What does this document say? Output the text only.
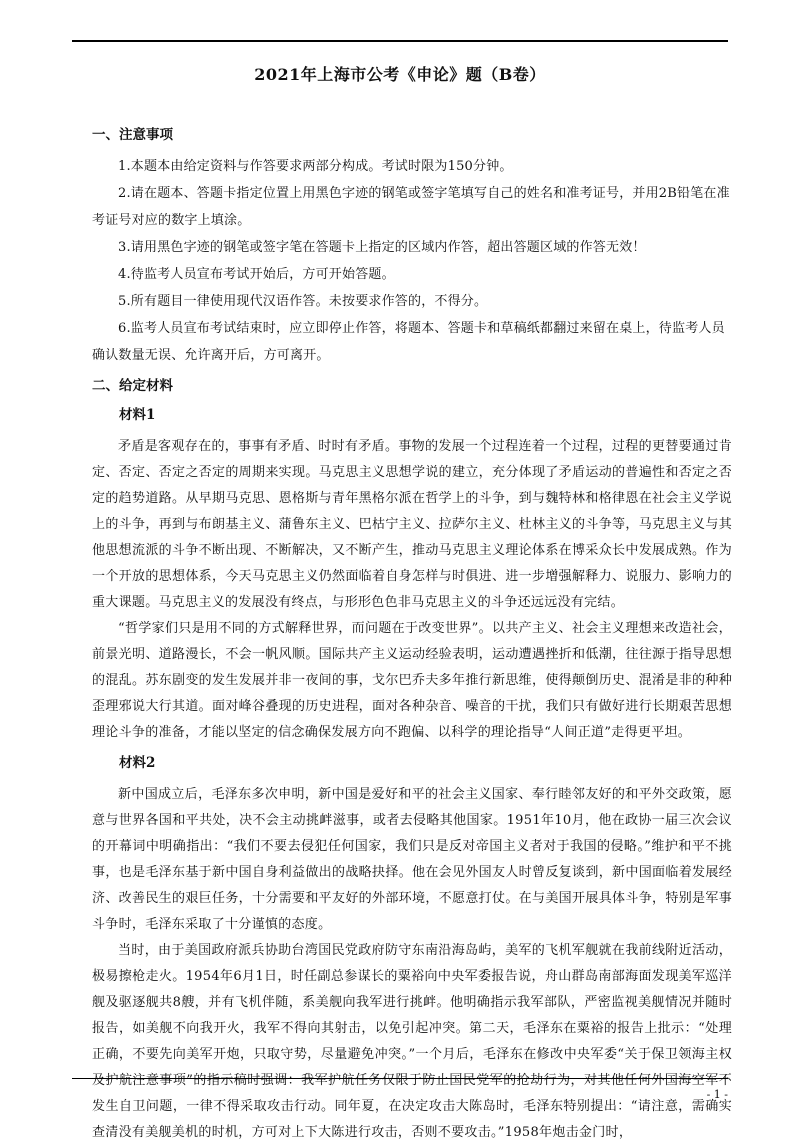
2021年上海市公考《申论》题（B卷）
一、注意事项

1.本题本由给定资料与作答要求两部分构成。考试时限为150分钟。

2.请在题本、答题卡指定位置上用黑色字迹的钢笔或签字笔填写自己的姓名和准考证号，并用2B铅笔在准考证号对应的数字上填涂。

3.请用黑色字迹的钢笔或签字笔在答题卡上指定的区域内作答，超出答题区域的作答无效！

4.待监考人员宣布考试开始后，方可开始答题。

5.所有题目一律使用现代汉语作答。未按要求作答的，不得分。

6.监考人员宣布考试结束时，应立即停止作答，将题本、答题卡和草稿纸都翻过来留在桌上，待监考人员确认数量无误、允许离开后，方可离开。

二、给定材料
材料1

矛盾是客观存在的，事事有矛盾、时时有矛盾。事物的发展一个过程连着一个过程，过程的更替要通过肯定、否定、否定之否定的周期来实现。马克思主义思想学说的建立，充分体现了矛盾运动的普遍性和否定之否定的趋势道路。从早期马克思、恩格斯与青年黑格尔派在哲学上的斗争，到与魏特林和格律恩在社会主义学说上的斗争，再到与布朗基主义、蒲鲁东主义、巴枯宁主义、拉萨尔主义、杜林主义的斗争等，马克思主义与其他思想流派的斗争不断出现、不断解决，又不断产生，推动马克思主义理论体系在博采众长中发展成熟。作为一个开放的思想体系，今天马克思主义仍然面临着自身怎样与时俱进、进一步增强解释力、说服力、影响力的重大课题。马克思主义的发展没有终点，与形形色色非马克思主义的斗争还远远没有完结。

“哲学家们只是用不同的方式解释世界，而问题在于改变世界”。以共产主义、社会主义理想来改造社会，前景光明、道路漫长，不会一帆风顺。国际共产主义运动经验表明，运动遭遇挫折和低潮，往往源于指导思想的混乱。苏东剧变的发生发展并非一夜间的事，戈尔巴乔夫多年推行新思维，使得颠倒历史、混淆是非的种种歪理邪说大行其道。面对峰谷叠现的历史进程，面对各种杂音、噪音的干扰，我们只有做好进行长期艰苦思想理论斗争的准备，才能以坚定的信念确保发展方向不跑偏、以科学的理论指导“人间正道”走得更平坦。

材料2

新中国成立后，毛泽东多次申明，新中国是爱好和平的社会主义国家、奉行睦邻友好的和平外交政策，愿意与世界各国和平共处，决不会主动挑衅滋事，或者去侵略其他国家。1951年10月，他在政协一届三次会议的开幕词中明确指出：“我们不要去侵犯任何国家，我们只是反对帝国主义者对于我国的侵略。”维护和平不挑事，也是毛泽东基于新中国自身利益做出的战略抉择。他在会见外国友人时曾反复谈到，新中国面临着发展经济、改善民生的艰巨任务，十分需要和平友好的外部环境，不愿意打仗。在与美国开展具体斗争，特别是军事斗争时，毛泽东采取了十分谨慎的态度。

当时，由于美国政府派兵协助台湾国民党政府防守东南沿海岛屿，美军的飞机军舰就在我前线附近活动，极易擦枪走火。1954年6月1日，时任副总参谋长的粟裕向中央军委报告说，舟山群岛南部海面发现美军巡洋舰及驱逐舰共8艘，并有飞机伴随，系美舰向我军进行挑衅。他明确指示我军部队，严密监视美舰情况并随时报告，如美舰不向我开火，我军不得向其射击，以免引起冲突。第二天，毛泽东在粟裕的报告上批示：“处理正确，不要先向美军开炮，只取守势，尽量避免冲突。”一个月后，毛泽东在修改中央军委“关于保卫领海主权及护航注意事项”的指示稿时强调：我军护航任务仅限于防止国民党军的抢劫行为，对其他任何外国海空军不发生自卫问题，一律不得采取攻击行动。同年夏，在决定攻击大陈岛时，毛泽东特别提出：“请注意，需确实查清没有美舰美机的时机，方可对上下大陈进行攻击，否则不要攻击。”1958年炮击金门时，

- 1 -
